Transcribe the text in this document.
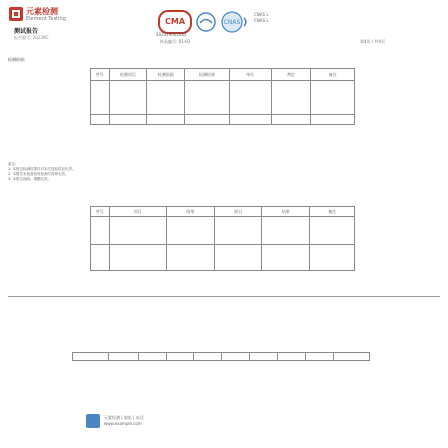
元素检测
Element Testing
测试报告
报告编号: 2023NC
CMA
202319001605
CNAS
CNAS L
CNAS L
样品编号: 01-01	第4页 / 共4页
检测结果:
序号	检测项目	检测依据	检测结果	单位	判定	备注

备注:
1. 本报告检测结果仅对本次送检样品负责。
2. 本报告未加盖检验检测专用章无效。
3. 本报告涂改、增删无效。
序号	项目	结果	项目	结果	备注

元素检测 | 地址 | 电话
www.example.com
